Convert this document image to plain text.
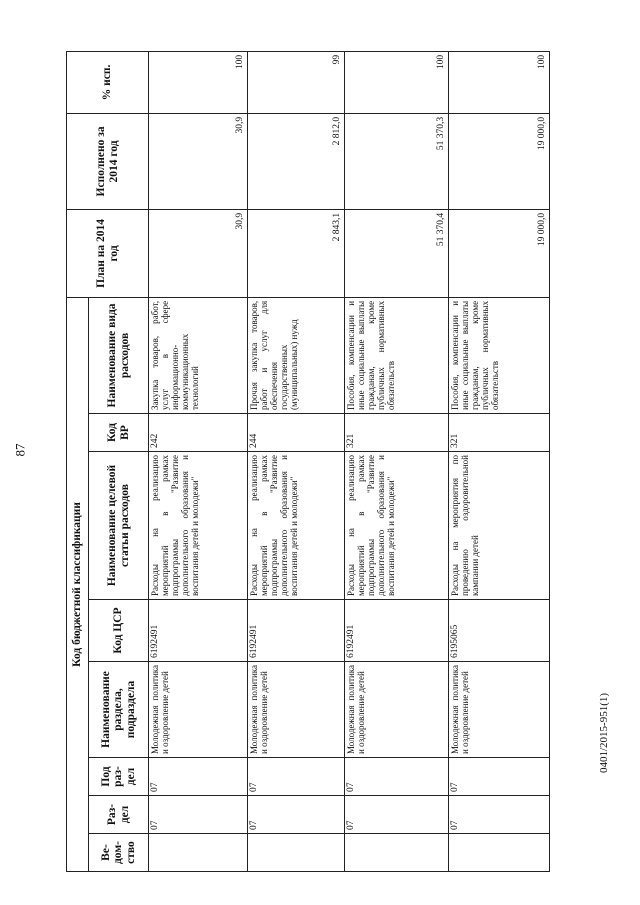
87
Код бюджетной классификации								План на 2014 год	Исполнено за 2014 год	% исп.
Ве-дом-ство	Раз-дел	Под раз-дел	Наименование раздела, подраздела	Код ЦСР	Наименование целевой статьи расходов	Код ВР	Наименование вида расходов			
	07	07	Молодежная политика и оздоровление детей	6192491	Расходы на реализацию мероприятий в рамках подпрограммы "Развитие дополнительного образования и воспитания детей и молодежи"	242	Закупка товаров, работ, услуг в сфере информационно-коммуникационных технологий	30,9	30,9	100
	07	07	Молодежная политика и оздоровление детей	6192491	Расходы на реализацию мероприятий в рамках подпрограммы "Развитие дополнительного образования и воспитания детей и молодежи"	244	Прочая закупка товаров, работ и услуг для обеспечения государственных (муниципальных) нужд	2 843,1	2 812,0	99
	07	07	Молодежная политика и оздоровление детей	6192491	Расходы на реализацию мероприятий в рамках подпрограммы "Развитие дополнительного образования и воспитания детей и молодежи"	321	Пособия, компенсации и иные социальные выплаты гражданам, кроме публичных нормативных обязательств	51 370,4	51 370,3	100
	07	07	Молодежная политика и оздоровление детей	6195065	Расходы на мероприятия по проведению оздоровительной кампании детей	321	Пособия, компенсации и иные социальные выплаты гражданам, кроме публичных нормативных обязательств	19 000,0	19 000,0	100
0401/2015-951(1)
